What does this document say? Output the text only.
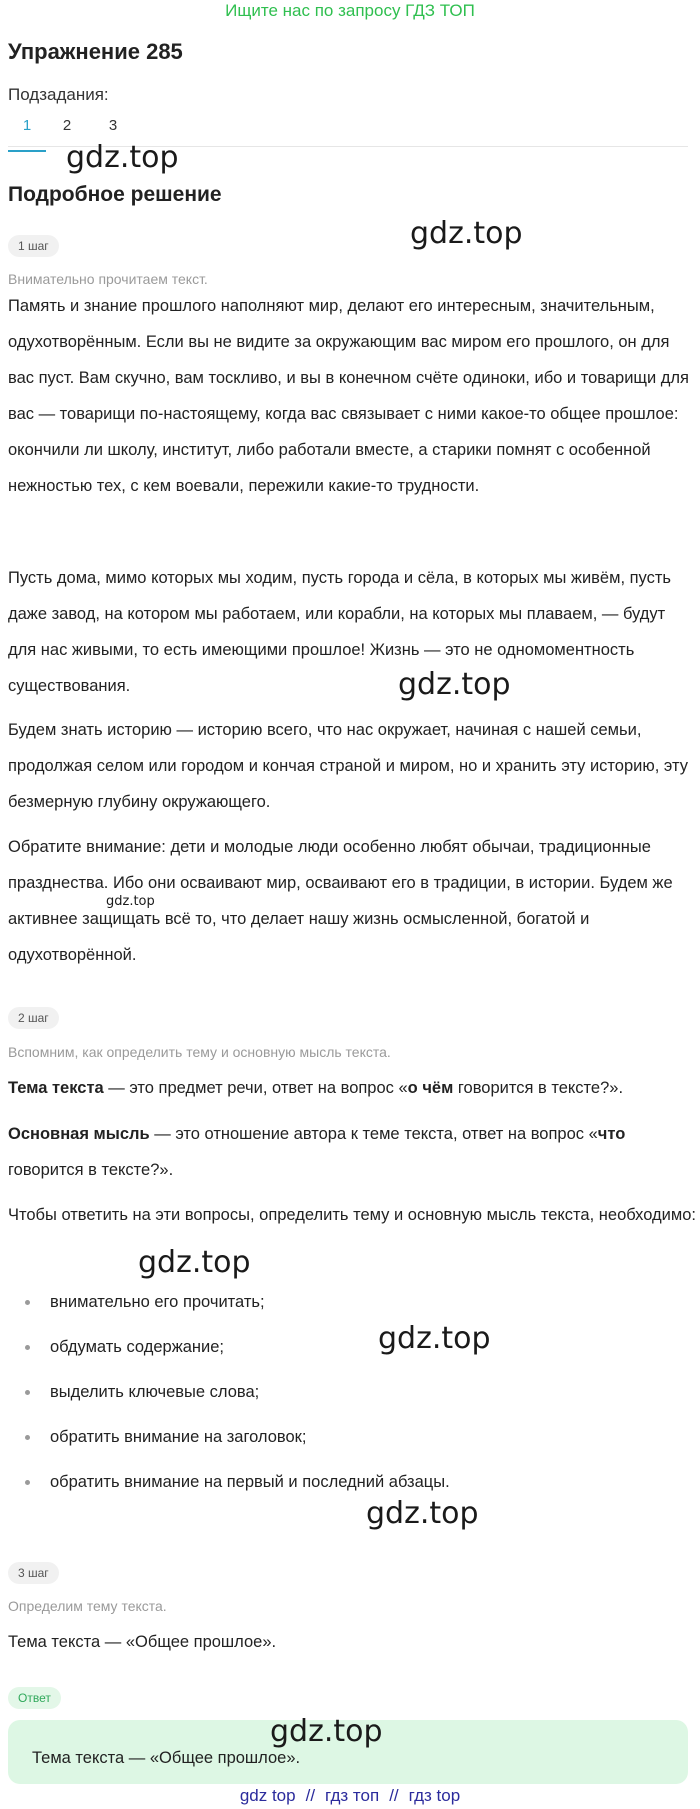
Ищите нас по запросу ГДЗ ТОП
Упражнение 285
Подзадания:
1	2	3
Подробное решение
1 шаг
Внимательно прочитаем текст.

Память и знание прошлого наполняют мир, делают его интересным, значительным, одухотворённым. Если вы не видите за окружающим вас миром его прошлого, он для вас пуст. Вам скучно, вам тоскливо, и вы в конечном счёте одиноки, ибо и товарищи для вас — товарищи по-настоящему, когда вас связывает с ними какое-то общее прошлое: окончили ли школу, институт, либо работали вместе, а старики помнят с особенной нежностью тех, с кем воевали, пережили какие-то трудности.

Пусть дома, мимо которых мы ходим, пусть города и сёла, в которых мы живём, пусть даже завод, на котором мы работаем, или корабли, на которых мы плаваем, — будут для нас живыми, то есть имеющими прошлое! Жизнь — это не одномоментность существования.

Будем знать историю — историю всего, что нас окружает, начиная с нашей семьи, продолжая селом или городом и кончая страной и миром, но и хранить эту историю, эту безмерную глубину окружающего.

Обратите внимание: дети и молодые люди особенно любят обычаи, традиционные празднества. Ибо они осваивают мир, осваивают его в традиции, в истории. Будем же активнее защищать всё то, что делает нашу жизнь осмысленной, богатой и одухотворённой.

2 шаг
Вспомним, как определить тему и основную мысль текста.

Тема текста — это предмет речи, ответ на вопрос «о чём говорится в тексте?».

Основная мысль — это отношение автора к теме текста, ответ на вопрос «что говорится в тексте?».

Чтобы ответить на эти вопросы, определить тему и основную мысль текста, необходимо:

внимательно его прочитать;
обдумать содержание;
выделить ключевые слова;
обратить внимание на заголовок;
обратить внимание на первый и последний абзацы.
3 шаг
Определим тему текста.

Тема текста — «Общее прошлое».

Ответ
Тема текста — «Общее прошлое».
gdz.top
gdz.top
gdz.top
gdz.top
gdz.top
gdz.top
gdz.top
gdz.top
gdz top // гдз топ // гдз top
